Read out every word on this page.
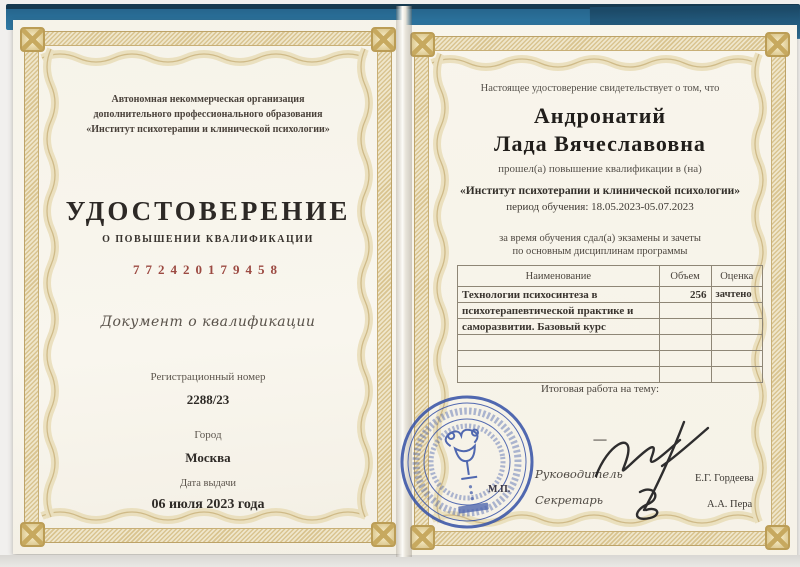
Автономная некоммерческая организация
дополнительного профессионального образования
«Институт психотерапии и клинической психологии»
УДОСТОВЕРЕНИЕ
О ПОВЫШЕНИИ КВАЛИФИКАЦИИ
772420179458
Документ о квалификации
Регистрационный номер
2288/23
Город
Москва
Дата выдачи
06 июля 2023 года
Настоящее удостоверение свидетельствует о том, что
Андронатий
Лада Вячеславовна
прошел(а) повышение квалификации в (на)
«Институт психотерапии и клинической психологии»
период обучения: 18.05.2023-05.07.2023
за время обучения сдал(а) экзамены и зачеты
по основным дисциплинам программы
Наименование	Объем	Оценка
Технологии психосинтеза в	256	зачтено
психотерапевтической практике и		
саморазвитии. Базовый курс		

Итоговая работа на тему:
—
Руководитель
Секретарь
Е.Г. Гордеева
А.А. Пера
М.П.
